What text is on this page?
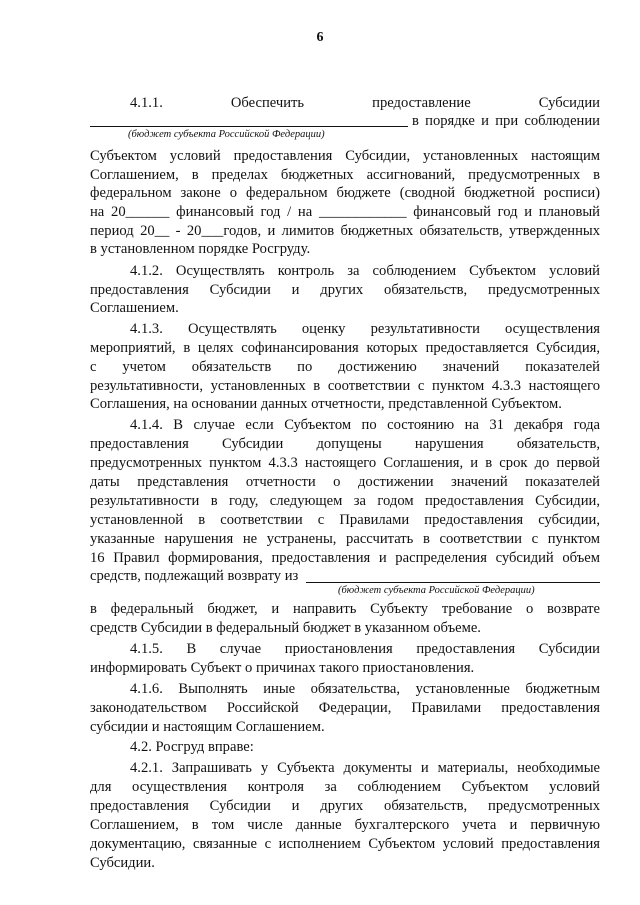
6
4.1.1. Обеспечить предоставление Субсидии
в порядке и при соблюдении
(бюджет субъекта Российской Федерации)
Субъектом условий предоставления Субсидии, установленных настоящим
Соглашением, в пределах бюджетных ассигнований, предусмотренных в
федеральном законе о федеральном бюджете (сводной бюджетной росписи)
на 20______ финансовый год / на ____________ финансовый год и плановый
период 20__ - 20___годов, и лимитов бюджетных обязательств, утвержденных
в установленном порядке Росгруду.
4.1.2. Осуществлять контроль за соблюдением Субъектом условий
предоставления Субсидии и других обязательств, предусмотренных
Соглашением.
4.1.3. Осуществлять оценку результативности осуществления
мероприятий, в целях софинансирования которых предоставляется Субсидия,
с учетом обязательств по достижению значений показателей
результативности, установленных в соответствии с пунктом 4.3.3 настоящего
Соглашения, на основании данных отчетности, представленной Субъектом.
4.1.4. В случае если Субъектом по состоянию на 31 декабря года
предоставления Субсидии допущены нарушения обязательств,
предусмотренных пунктом 4.3.3 настоящего Соглашения, и в срок до первой
даты представления отчетности о достижении значений показателей
результативности в году, следующем за годом предоставления Субсидии,
установленной в соответствии с Правилами предоставления субсидии,
указанные нарушения не устранены, рассчитать в соответствии с пунктом
16 Правил формирования, предоставления и распределения субсидий объем
средств, подлежащий возврату из
(бюджет субъекта Российской Федерации)
в федеральный бюджет, и направить Субъекту требование о возврате
средств Субсидии в федеральный бюджет в указанном объеме.
4.1.5. В случае приостановления предоставления Субсидии
информировать Субъект о причинах такого приостановления.
4.1.6. Выполнять иные обязательства, установленные бюджетным
законодательством Российской Федерации, Правилами предоставления
субсидии и настоящим Соглашением.
4.2. Росгруд вправе:
4.2.1. Запрашивать у Субъекта документы и материалы, необходимые
для осуществления контроля за соблюдением Субъектом условий
предоставления Субсидии и других обязательств, предусмотренных
Соглашением, в том числе данные бухгалтерского учета и первичную
документацию, связанные с исполнением Субъектом условий предоставления
Субсидии.
